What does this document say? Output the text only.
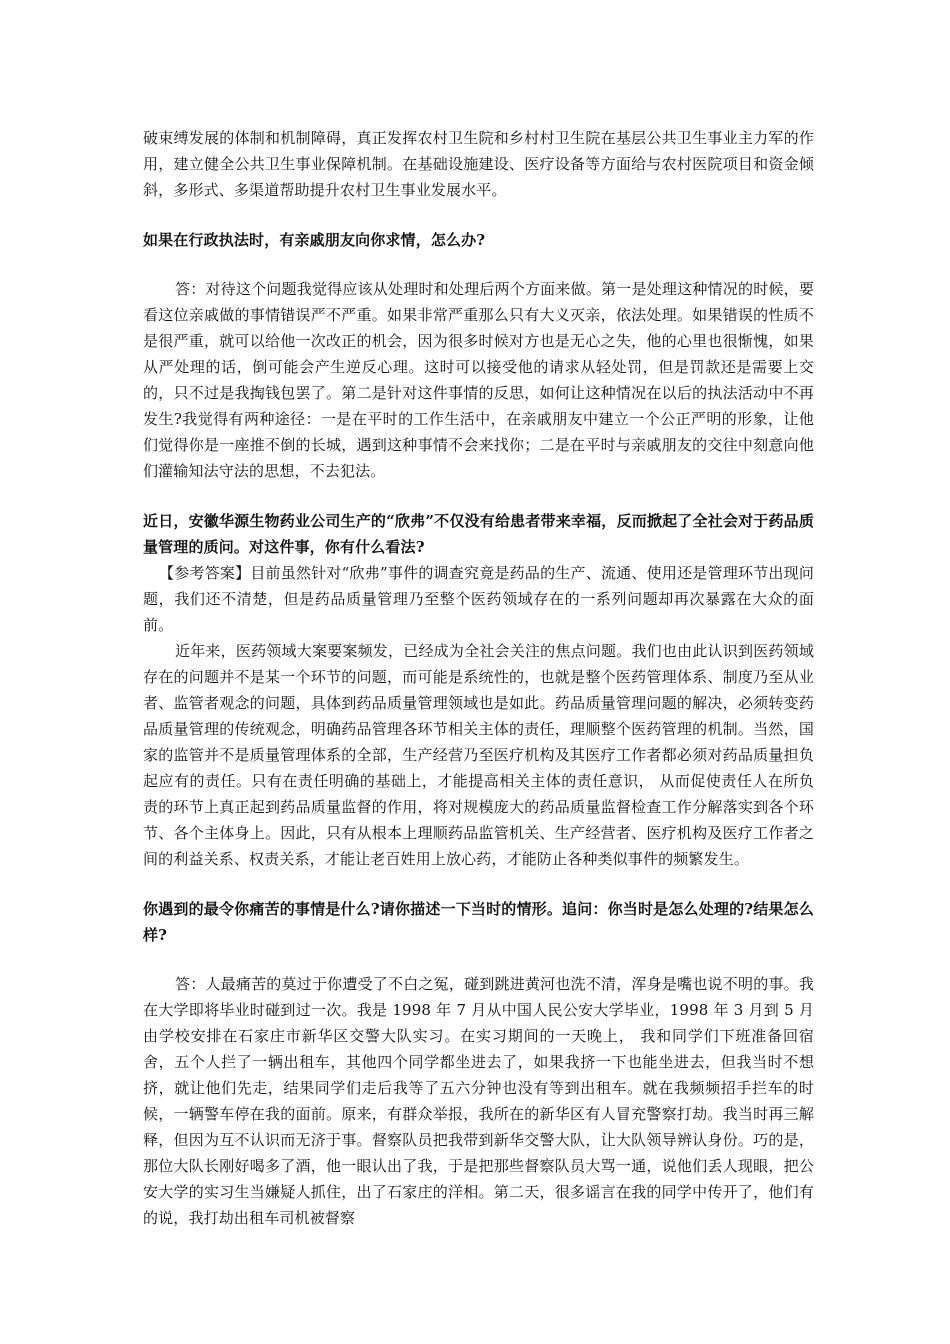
破束缚发展的体制和机制障碍，真正发挥农村卫生院和乡村村卫生院在基层公共卫生事业主力军的作用，建立健全公共卫生事业保障机制。在基础设施建设、医疗设备等方面给与农村医院项目和资金倾斜，多形式、多渠道帮助提升农村卫生事业发展水平。

如果在行政执法时，有亲戚朋友向你求情，怎么办?

答：对待这个问题我觉得应该从处理时和处理后两个方面来做。第一是处理这种情况的时候，要看这位亲戚做的事情错误严不严重。如果非常严重那么只有大义灭亲，依法处理。如果错误的性质不是很严重，就可以给他一次改正的机会，因为很多时候对方也是无心之失，他的心里也很惭愧，如果从严处理的话，倒可能会产生逆反心理。这时可以接受他的请求从轻处罚，但是罚款还是需要上交的，只不过是我掏钱包罢了。第二是针对这件事情的反思，如何让这种情况在以后的执法活动中不再发生?我觉得有两种途径：一是在平时的工作生活中，在亲戚朋友中建立一个公正严明的形象，让他们觉得你是一座推不倒的长城，遇到这种事情不会来找你；二是在平时与亲戚朋友的交往中刻意向他们灌输知法守法的思想，不去犯法。

近日，安徽华源生物药业公司生产的“欣弗”不仅没有给患者带来幸福，反而掀起了全社会对于药品质量管理的质问。对这件事，你有什么看法?

【参考答案】目前虽然针对“欣弗”事件的调查究竟是药品的生产、流通、使用还是管理环节出现问题，我们还不清楚，但是药品质量管理乃至整个医药领域存在的一系列问题却再次暴露在大众的面前。

近年来，医药领域大案要案频发，已经成为全社会关注的焦点问题。我们也由此认识到医药领域存在的问题并不是某一个环节的问题，而可能是系统性的，也就是整个医药管理体系、制度乃至从业者、监管者观念的问题，具体到药品质量管理领域也是如此。药品质量管理问题的解决，必须转变药品质量管理的传统观念，明确药品管理各环节相关主体的责任，理顺整个医药管理的机制。当然，国家的监管并不是质量管理体系的全部，生产经营乃至医疗机构及其医疗工作者都必须对药品质量担负起应有的责任。只有在责任明确的基础上，才能提高相关主体的责任意识， 从而促使责任人在所负责的环节上真正起到药品质量监督的作用，将对规模庞大的药品质量监督检查工作分解落实到各个环节、各个主体身上。因此，只有从根本上理顺药品监管机关、生产经营者、医疗机构及医疗工作者之间的利益关系、权责关系，才能让老百姓用上放心药，才能防止各种类似事件的频繁发生。

你遇到的最令你痛苦的事情是什么?请你描述一下当时的情形。追问：你当时是怎么处理的?结果怎么样?

答：人最痛苦的莫过于你遭受了不白之冤，碰到跳进黄河也洗不清，浑身是嘴也说不明的事。我在大学即将毕业时碰到过一次。我是 1998 年 7 月从中国人民公安大学毕业，1998 年 3 月到 5 月由学校安排在石家庄市新华区交警大队实习。在实习期间的一天晚上， 我和同学们下班准备回宿舍，五个人拦了一辆出租车，其他四个同学都坐进去了，如果我挤一下也能坐进去，但我当时不想挤，就让他们先走，结果同学们走后我等了五六分钟也没有等到出租车。就在我频频招手拦车的时候，一辆警车停在我的面前。原来，有群众举报，我所在的新华区有人冒充警察打劫。我当时再三解释，但因为互不认识而无济于事。督察队员把我带到新华交警大队，让大队领导辨认身份。巧的是，那位大队长刚好喝多了酒，他一眼认出了我，于是把那些督察队员大骂一通，说他们丢人现眼，把公安大学的实习生当嫌疑人抓住，出了石家庄的洋相。第二天，很多谣言在我的同学中传开了，他们有的说，我打劫出租车司机被督察
